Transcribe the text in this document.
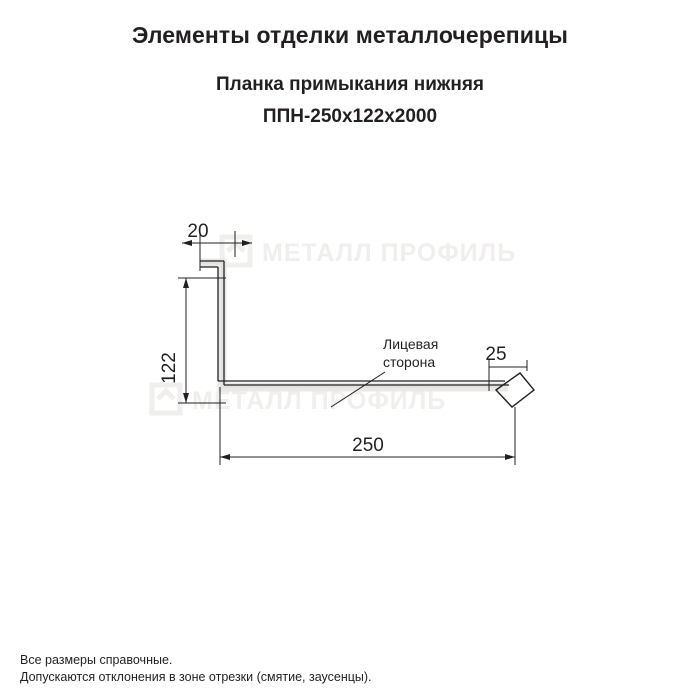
Элементы отделки металлочерепицы

Планка примыкания нижняя

ППН-250х122х2000

МЕТАЛЛ ПРОФИЛЬ
МЕТАЛЛ ПРОФИЛЬ
20
122
250
25
Лицевая
сторона
Все размеры справочные.
Допускаются отклонения в зоне отрезки (смятие, заусенцы).
